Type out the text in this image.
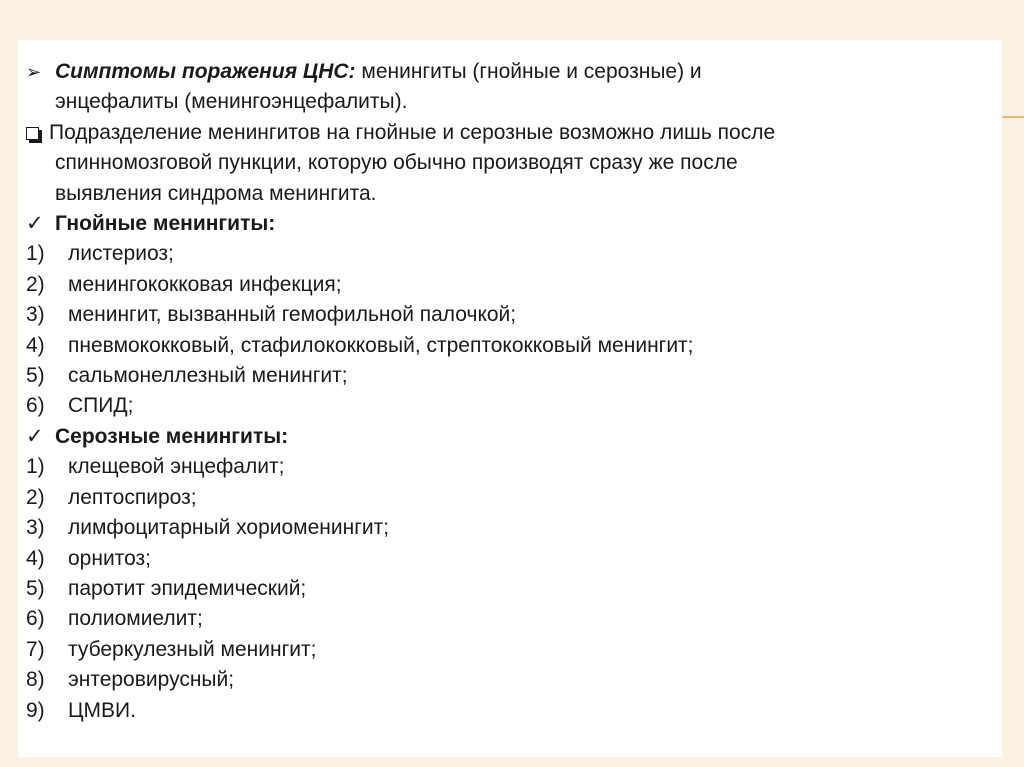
➢ Симптомы поражения ЦНС: менингиты (гнойные и серозные) и
энцефалиты (менингоэнцефалиты).
Подразделение менингитов на гнойные и серозные возможно лишь после
спинномозговой пункции, которую обычно производят сразу же после
выявления синдрома менингита.
✓ Гнойные менингиты:
1) листериоз;
2) менингококковая инфекция;
3) менингит, вызванный гемофильной палочкой;
4) пневмококковый, стафилококковый, стрептококковый менингит;
5) сальмонеллезный менингит;
6) СПИД;
✓ Серозные менингиты:
1) клещевой энцефалит;
2) лептоспироз;
3) лимфоцитарный хориоменингит;
4) орнитоз;
5) паротит эпидемический;
6) полиомиелит;
7) туберкулезный менингит;
8) энтеровирусный;
9) ЦМВИ.
